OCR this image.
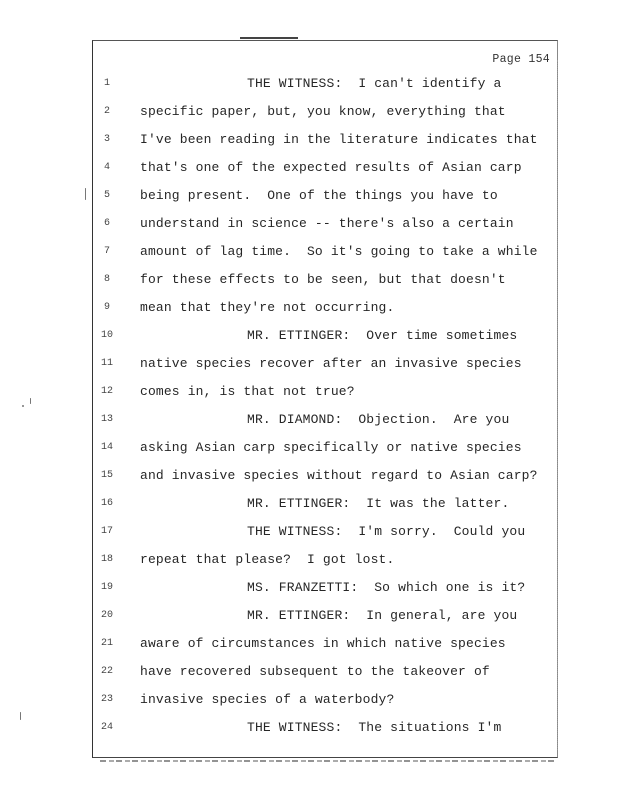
Page 154
1	THE WITNESS:  I can't identify a
2	specific paper, but, you know, everything that
3	I've been reading in the literature indicates that
4	that's one of the expected results of Asian carp
5	being present.  One of the things you have to
6	understand in science -- there's also a certain
7	amount of lag time.  So it's going to take a while
8	for these effects to be seen, but that doesn't
9	mean that they're not occurring.
10	MR. ETTINGER:  Over time sometimes
11	native species recover after an invasive species
12	comes in, is that not true?
13	MR. DIAMOND:  Objection.  Are you
14	asking Asian carp specifically or native species
15	and invasive species without regard to Asian carp?
16	MR. ETTINGER:  It was the latter.
17	THE WITNESS:  I'm sorry.  Could you
18	repeat that please?  I got lost.
19	MS. FRANZETTI:  So which one is it?
20	MR. ETTINGER:  In general, are you
21	aware of circumstances in which native species
22	have recovered subsequent to the takeover of
23	invasive species of a waterbody?
24	THE WITNESS:  The situations I'm
